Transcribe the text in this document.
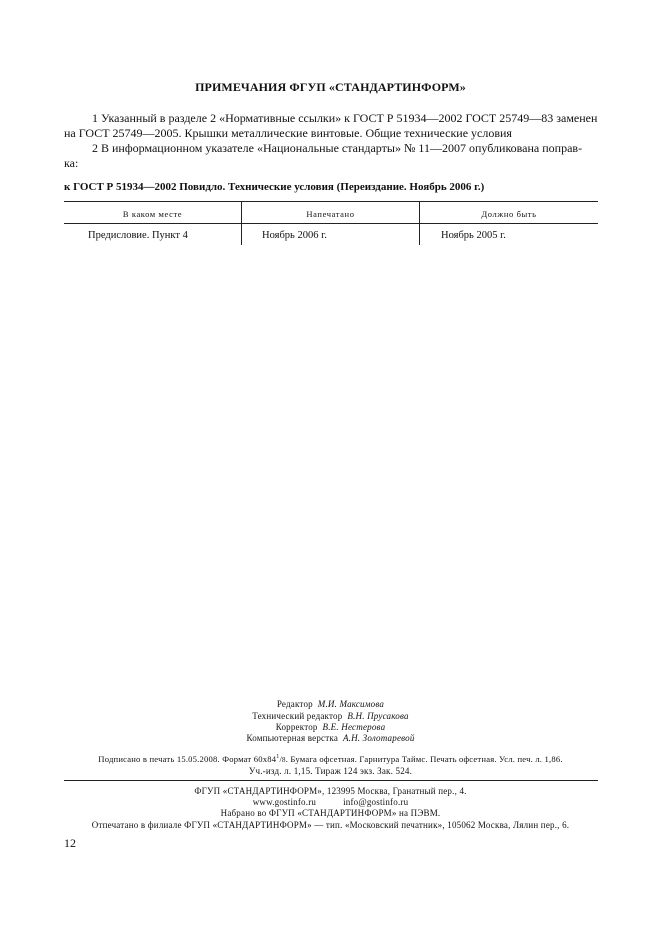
ПРИМЕЧАНИЯ ФГУП «СТАНДАРТИНФОРМ»
1 Указанный в разделе 2 «Нормативные ссылки» к ГОСТ Р 51934—2002 ГОСТ 25749—83 заменен
на ГОСТ 25749—2005. Крышки металлические винтовые. Общие технические условия
2 В информационном указателе «Национальные стандарты» № 11—2007 опубликована поправ-
ка:
к ГОСТ Р 51934—2002 Повидло. Технические условия (Переиздание. Ноябрь 2006 г.)
В каком месте	Напечатано	Должно быть
Предисловие. Пункт 4	Ноябрь 2006 г.	Ноябрь 2005 г.
Редактор М.И. Максимова
Технический редактор В.Н. Прусакова
Корректор В.Е. Нестерова
Компьютерная верстка А.Н. Золотаревой
Подписано в печать 15.05.2008. Формат $60x84^1/8$. Бумага офсетная. Гарнитура Таймс. Печать офсетная. Усл. печ. л. 1,86.
Уч.-изд. л. 1,15. Тираж 124 экз. Зак. 524.
ФГУП «СТАНДАРТИНФОРМ», 123995 Москва, Гранатный пер., 4.
www.gostinfo.ru	info@gostinfo.ru
Набрано во ФГУП «СТАНДАРТИНФОРМ» на ПЭВМ.
Отпечатано в филиале ФГУП «СТАНДАРТИНФОРМ» — тип. «Московский печатник», 105062 Москва, Лялин пер., 6.
12
